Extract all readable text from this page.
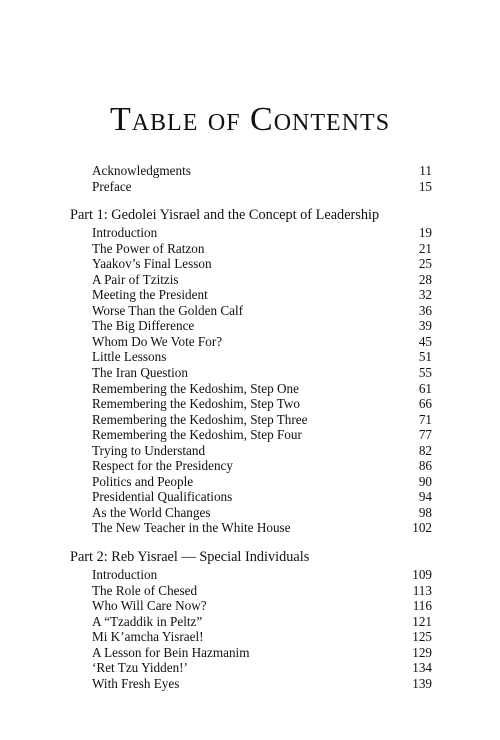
Table of Contents
Acknowledgments	11
Preface	15
Part 1: Gedolei Yisrael and the Concept of Leadership
Introduction	19
The Power of Ratzon	21
Yaakov’s Final Lesson	25
A Pair of Tzitzis	28
Meeting the President	32
Worse Than the Golden Calf	36
The Big Difference	39
Whom Do We Vote For?	45
Little Lessons	51
The Iran Question	55
Remembering the Kedoshim, Step One	61
Remembering the Kedoshim, Step Two	66
Remembering the Kedoshim, Step Three	71
Remembering the Kedoshim, Step Four	77
Trying to Understand	82
Respect for the Presidency	86
Politics and People	90
Presidential Qualifications	94
As the World Changes	98
The New Teacher in the White House	102
Part 2: Reb Yisrael — Special Individuals
Introduction	109
The Role of Chesed	113
Who Will Care Now?	116
A “Tzaddik in Peltz”	121
Mi K’amcha Yisrael!	125
A Lesson for Bein Hazmanim	129
‘Ret Tzu Yidden!’	134
With Fresh Eyes	139
